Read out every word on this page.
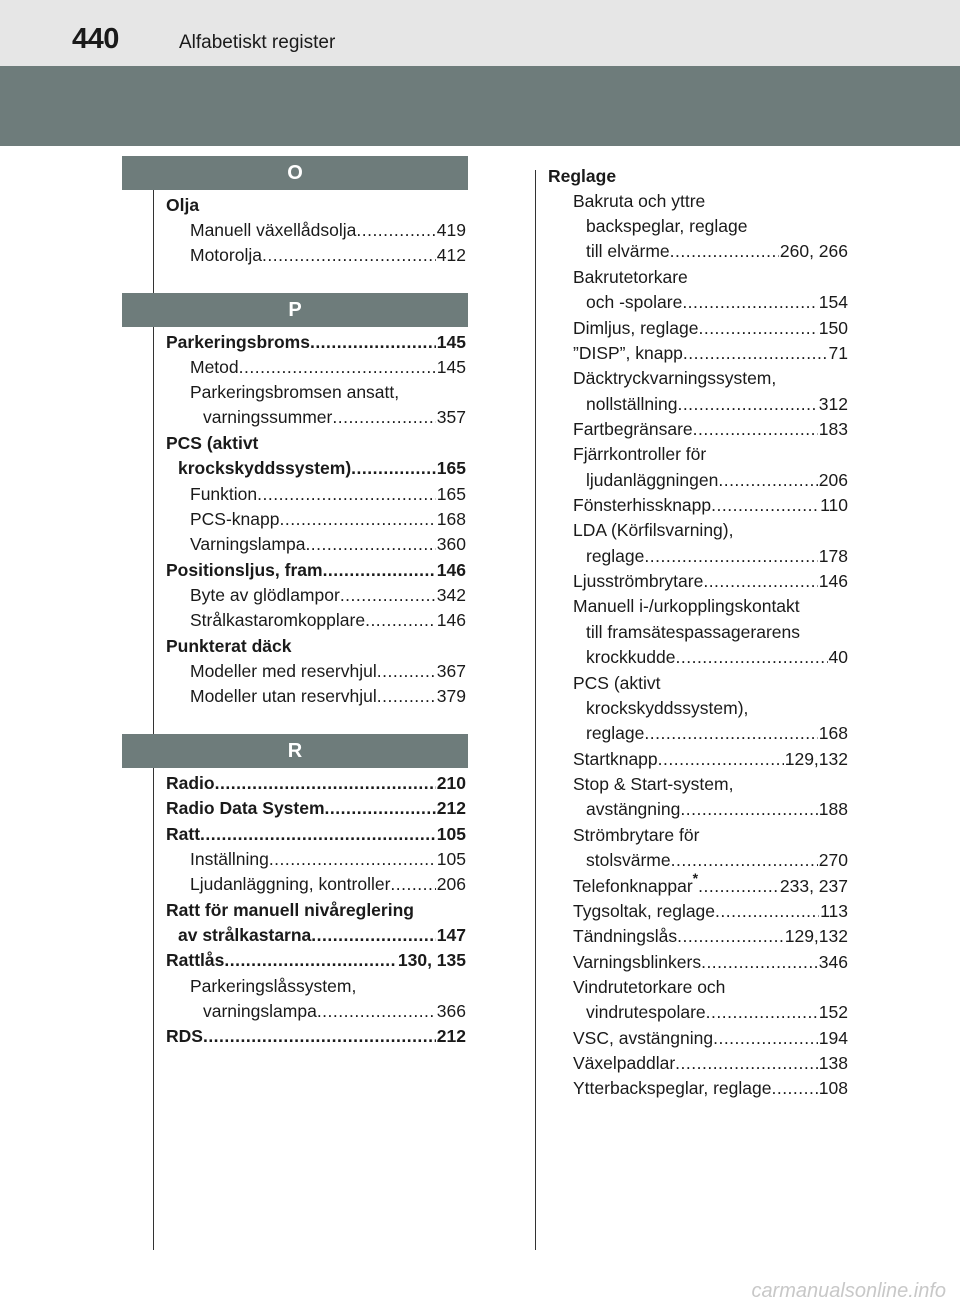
440	Alfabetiskt register
O
Olja
Manuell växellådsolja .....	419
Motorolja .....	412
P
Parkeringsbroms .....	145
Metod .....	145
Parkeringsbromsen ansatt,
varningssummer .....	357
PCS (aktivt
krockskyddssystem) .....	165
Funktion .....	165
PCS-knapp .....	168
Varningslampa .....	360
Positionsljus, fram .....	146
Byte av glödlampor .....	342
Strålkastaromkopplare .....	146
Punkterat däck
Modeller med reservhjul .....	367
Modeller utan reservhjul .....	379
R
Radio .....	210
Radio Data System .....	212
Ratt .....	105
Inställning .....	105
Ljudanläggning, kontroller .....	206
Ratt för manuell nivåreglering
av strålkastarna .....	147
Rattlås .....	130, 135
Parkeringslåssystem,
varningslampa .....	366
RDS .....	212
Reglage
Bakruta och yttre
backspeglar, reglage
till elvärme .....	260, 266
Bakrutetorkare
och -spolare .....	154
Dimljus, reglage .....	150
”DISP”, knapp .....	71
Däcktryckvarningssystem,
nollställning .....	312
Fartbegränsare .....	183
Fjärrkontroller för
ljudanläggningen .....	206
Fönsterhissknapp .....	110
LDA (Körfilsvarning),
reglage .....	178
Ljusströmbrytare .....	146
Manuell i-/urkopplingskontakt
till framsätespassagerarens
krockkudde .....	40
PCS (aktivt
krockskyddssystem),
reglage .....	168
Startknapp .....	129,132
Stop & Start-system,
avstängning .....	188
Strömbrytare för
stolsvärme .....	270
Telefonknappar* .....	233, 237
Tygsoltak, reglage .....	113
Tändningslås .....	129,132
Varningsblinkers .....	346
Vindrutetorkare och
vindrutespolare .....	152
VSC, avstängning .....	194
Växelpaddlar .....	138
Ytterbackspeglar, reglage .....	108
carmanualsonline.info
